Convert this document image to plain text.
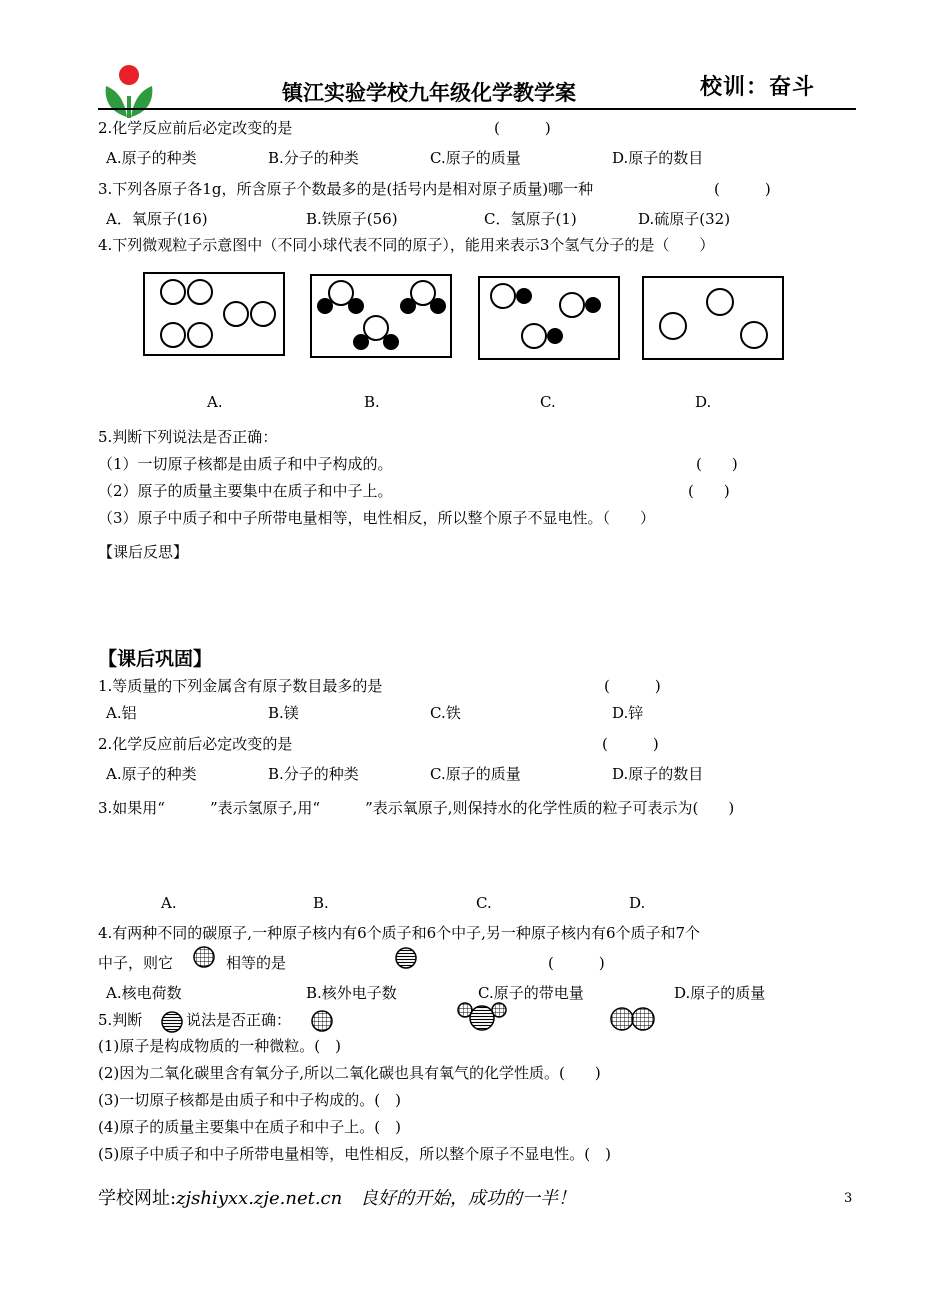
镇江实验学校九年级化学教学案	校训：奋斗
2.化学反应前后必定改变的是	(　　　)
A.原子的种类	B.分子的种类	C.原子的质量	D.原子的数目
3.下列各原子各1g，所含原子个数最多的是(括号内是相对原子质量)哪一种	(　　　)
A．氧原子(16)	B.铁原子(56)	C．氢原子(1)	D.硫原子(32)
4.下列微观粒子示意图中（不同小球代表不同的原子），能用来表示3个氢气分子的是（　　）
A.	B.	C.	D.
5.判断下列说法是否正确：
（1）一切原子核都是由质子和中子构成的。	(　　)
（2）原子的质量主要集中在质子和中子上。	(　　)
（3）原子中质子和中子所带电量相等，电性相反，所以整个原子不显电性。（　　）
【课后反思】
【课后巩固】
1.等质量的下列金属含有原子数目最多的是	(　　　)
A.铝	B.镁	C.铁	D.锌
2.化学反应前后必定改变的是	(　　　)
A.原子的种类	B.分子的种类	C.原子的质量	D.原子的数目
3.如果用“　　　”表示氢原子,用“　　　”表示氧原子,则保持水的化学性质的粒子可表示为(　　)
A.	B.	C.	D.
4.有两种不同的碳原子,一种原子核内有6个质子和6个中子,另一种原子核内有6个质子和7个
中子，则它	相等的是	(　　　)
A.核电荷数	B.核外电子数	C.原子的带电量	D.原子的质量
5.判断	说法是否正确：
(1)原子是构成物质的一种微粒。(　)
(2)因为二氧化碳里含有氧分子,所以二氧化碳也具有氧气的化学性质。(　　)
(3)一切原子核都是由质子和中子构成的。(　)
(4)原子的质量主要集中在质子和中子上。(　)
(5)原子中质子和中子所带电量相等，电性相反，所以整个原子不显电性。(　)
学校网址:zjshiyxx.zje.net.cn 良好的开始，成功的一半！	3
